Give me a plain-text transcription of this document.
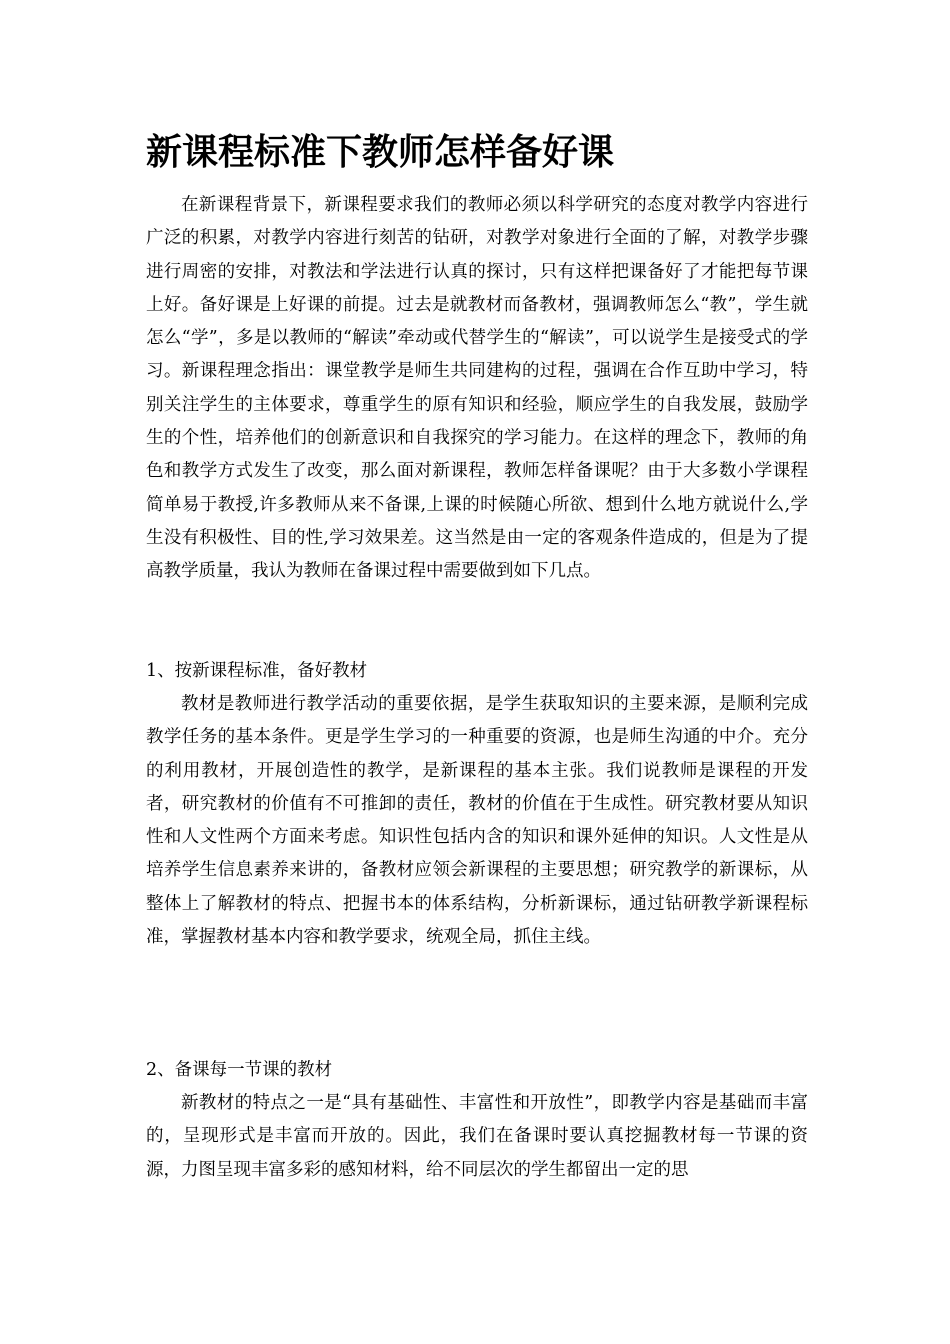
新课程标准下教师怎样备好课

在新课程背景下，新课程要求我们的教师必须以科学研究的态度对教学内容进行广泛的积累，对教学内容进行刻苦的钻研，对教学对象进行全面的了解，对教学步骤进行周密的安排，对教法和学法进行认真的探讨，只有这样把课备好了才能把每节课上好。备好课是上好课的前提。过去是就教材而备教材，强调教师怎么“教”，学生就怎么“学”，多是以教师的“解读”牵动或代替学生的“解读”，可以说学生是接受式的学习。新课程理念指出：课堂教学是师生共同建构的过程，强调在合作互助中学习，特别关注学生的主体要求，尊重学生的原有知识和经验，顺应学生的自我发展，鼓励学生的个性，培养他们的创新意识和自我探究的学习能力。在这样的理念下，教师的角色和教学方式发生了改变，那么面对新课程，教师怎样备课呢？由于大多数小学课程简单易于教授,许多教师从来不备课,上课的时候随心所欲、想到什么地方就说什么,学生没有积极性、目的性,学习效果差。这当然是由一定的客观条件造成的，但是为了提高教学质量，我认为教师在备课过程中需要做到如下几点。

1、按新课程标准，备好教材

教材是教师进行教学活动的重要依据，是学生获取知识的主要来源，是顺利完成教学任务的基本条件。更是学生学习的一种重要的资源，也是师生沟通的中介。充分的利用教材，开展创造性的教学，是新课程的基本主张。我们说教师是课程的开发者，研究教材的价值有不可推卸的责任，教材的价值在于生成性。研究教材要从知识性和人文性两个方面来考虑。知识性包括内含的知识和课外延伸的知识。人文性是从培养学生信息素养来讲的，备教材应领会新课程的主要思想；研究教学的新课标，从整体上了解教材的特点、把握书本的体系结构，分析新课标，通过钻研教学新课程标准，掌握教材基本内容和教学要求，统观全局，抓住主线。

2、备课每一节课的教材

新教材的特点之一是“具有基础性、丰富性和开放性”，即教学内容是基础而丰富的，呈现形式是丰富而开放的。因此，我们在备课时要认真挖掘教材每一节课的资源，力图呈现丰富多彩的感知材料，给不同层次的学生都留出一定的思
